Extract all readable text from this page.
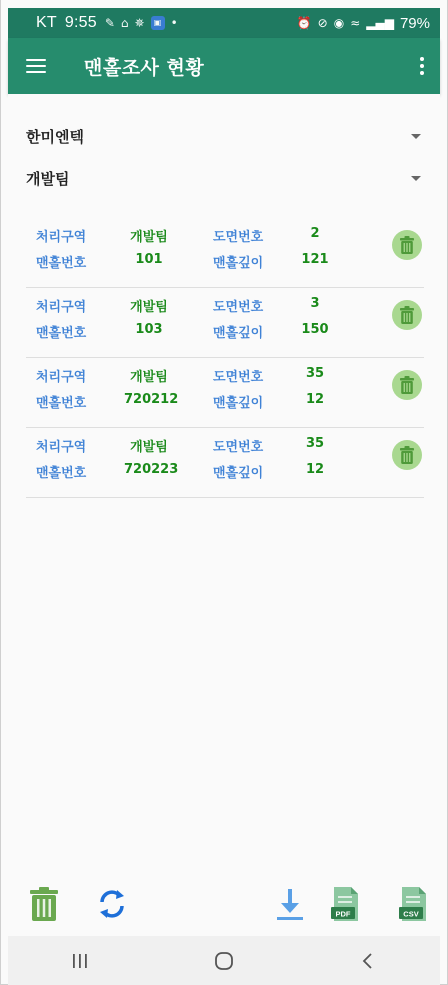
KT 9:55 ✎ ⌂ ✵	▣ •	⏰ ⊘ ◉ ≈ ▂▄▆ 79%
맨홀조사 현황
한미엔텍
개발팀
처리구역	개발팀	도면번호	2
맨홀번호	101	맨홀깊이	121
처리구역	개발팀	도면번호	3
맨홀번호	103	맨홀깊이	150
처리구역	개발팀	도면번호	35
맨홀번호	720212	맨홀깊이	12
처리구역	개발팀	도면번호	35
맨홀번호	720223	맨홀깊이	12
PDF	CSV
